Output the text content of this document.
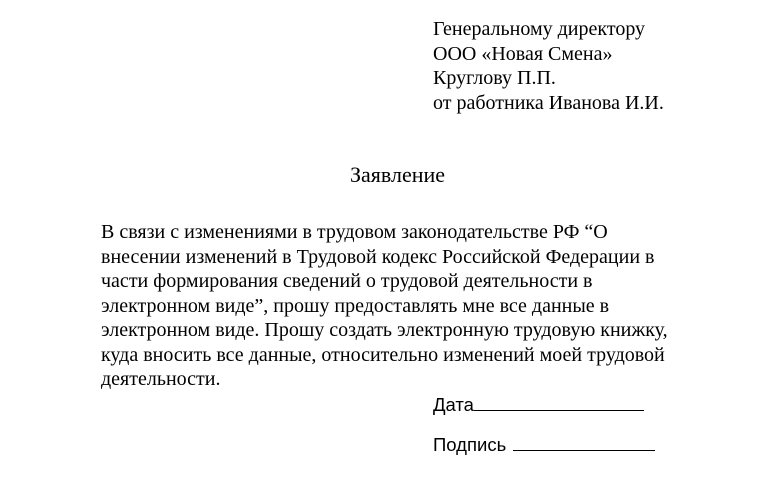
Генеральному директору
ООО «Новая Смена»
Круглову П.П.
от работника Иванова И.И.
Заявление
В связи с изменениями в трудовом законодательстве РФ “О
внесении изменений в Трудовой кодекс Российской Федерации в
части формирования сведений о трудовой деятельности в
электронном виде”, прошу предоставлять мне все данные в
электронном виде. Прошу создать электронную трудовую книжку,
куда вносить все данные, относительно изменений моей трудовой
деятельности.
Дата
Подпись
